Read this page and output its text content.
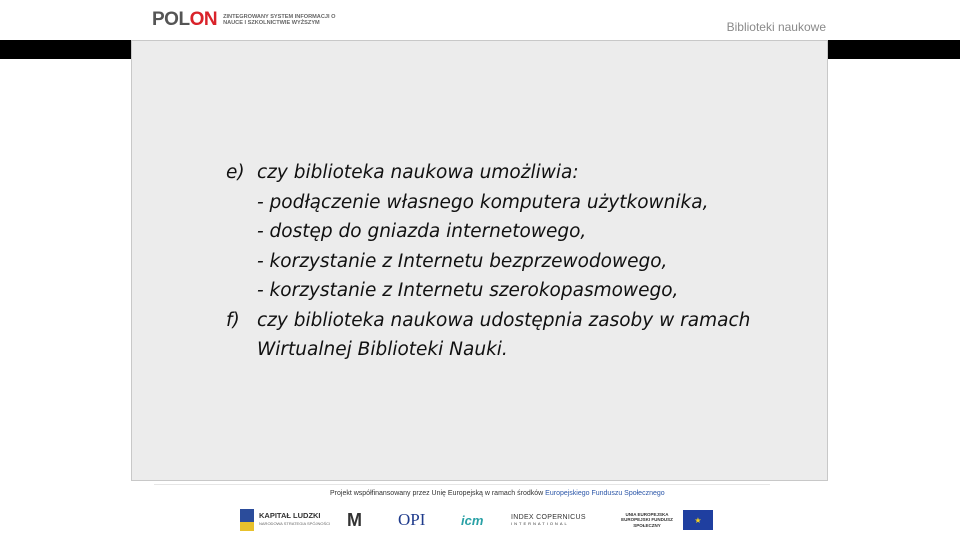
POLON ZINTEGROWANY SYSTEM INFORMACJI O NAUCE I SZKOLNICTWIE WYŻSZYM	Biblioteki naukowe
e) czy biblioteka naukowa umożliwia:
- podłączenie własnego komputera użytkownika,
- dostęp do gniazda internetowego,
- korzystanie z Internetu bezprzewodowego,
- korzystanie z Internetu szerokopasmowego,
f) czy biblioteka naukowa udostępnia zasoby w ramach
Wirtualnej Biblioteki Nauki.
Projekt współfinansowany przez Unię Europejską w ramach środków Europejskiego Funduszu Społecznego
KAPITAŁ LUDZKI
NARODOWA STRATEGIA SPÓJNOŚCI M OPI	icm	INDEX COPERNICUS
INTERNATIONAL
UNIA EUROPEJSKA EUROPEJSKI FUNDUSZ SPOŁECZNY
★
